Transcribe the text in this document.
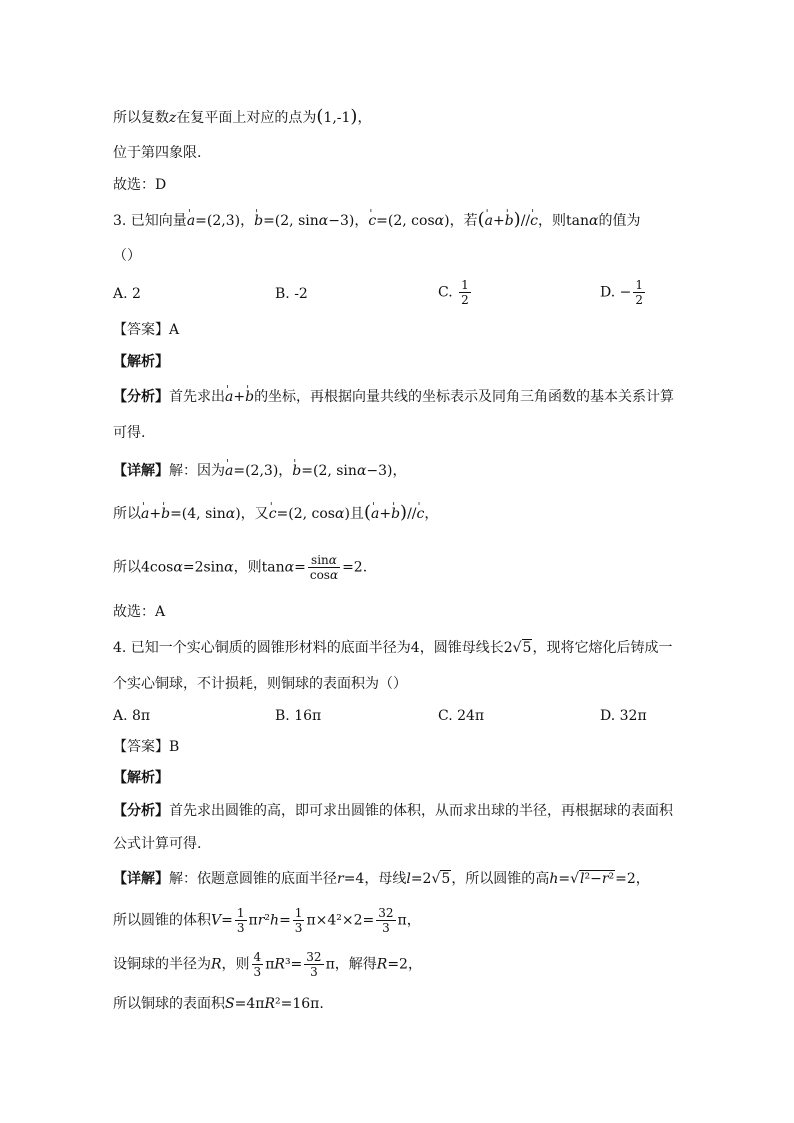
所以复数z在复平面上对应的点为(1,-1)，
位于第四象限.
故选：D
3. 已知向量' a=(2,3)，' b=(2, sinα−3)，' c=(2, cosα)，若(' a+' b)//' c，则tanα的值为
（）
A. 2	B. -2	C. $\frac{1}{2}$	D. − $\frac{1}{2}$
【答案】A
【解析】
【分析】首先求出' a+' b的坐标，再根据向量共线的坐标表示及同角三角函数的基本关系计算
可得.
【详解】解：因为' a=(2,3)，' b=(2, sinα−3)，
所以' a+' b=(4, sinα)，又' c=(2, cosα)且(' a+' b)//' c，
所以4cosα=2sinα，则$\tan\alpha= \frac{\sin\alpha}{\cos\alpha} =2$.
故选：A
4. 已知一个实心铜质的圆锥形材料的底面半径为4，圆锥母线长2√5，现将它熔化后铸成一
个实心铜球，不计损耗，则铜球的表面积为（）
A. 8π	B. 16π	C. 24π	D. 32π
【答案】B
【解析】
【分析】首先求出圆锥的高，即可求出圆锥的体积，从而求出球的半径，再根据球的表面积
公式计算可得.
【详解】解：依题意圆锥的底面半径r=4，母线l=2√5，所以圆锥的高h=√l²−r²=2，
所以圆锥的体积$V= \frac{1}{3} \pi r^2h= \frac{1}{3} \pi\times 4^2\times 2= \frac{32}{3}$ π，
设铜球的半径为R，则 $\frac{4}{3} \pi R^3= \frac{32}{3}$ π，解得R=2，
所以铜球的表面积S=4πR²=16π.
